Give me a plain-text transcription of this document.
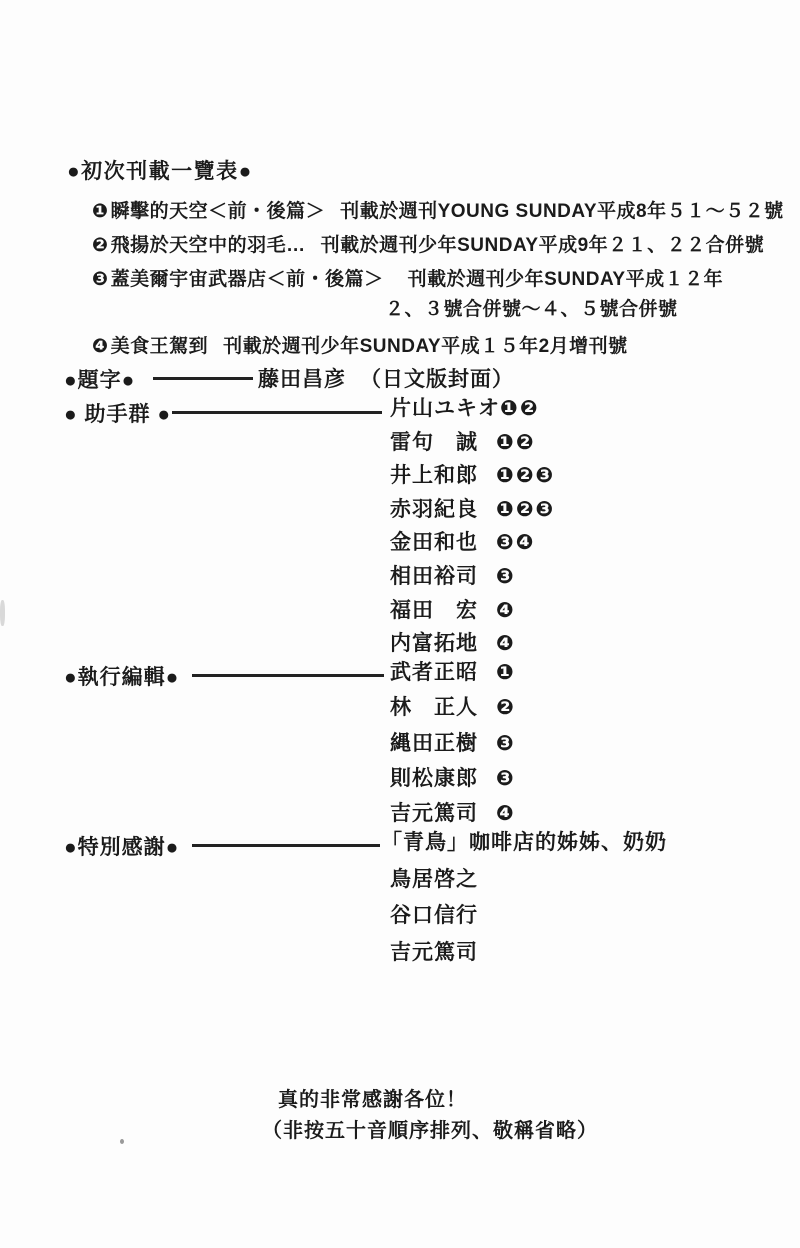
●初次刊載一覽表●
❶ 瞬擊的天空＜前・後篇＞ 刊載於週刊YOUNG SUNDAY平成8年５１～５２號
❷ 飛揚於天空中的羽毛… 刊載於週刊少年SUNDAY平成9年２１、２２合併號
❸ 蓋美爾宇宙武器店＜前・後篇＞ 刊載於週刊少年SUNDAY平成１２年
２、３號合併號～４、５號合併號
❹ 美食王駕到 刊載於週刊少年SUNDAY平成１５年2月增刊號
●題字●	藤田昌彦 （日文版封面）
● 助手群 ●	片山ユキオ❶❷
雷句　誠 ❶❷
井上和郎 ❶❷❸
赤羽紀良 ❶❷❸
金田和也 ❸❹
相田裕司 ❸
福田　宏 ❹
内富拓地 ❹
●執行編輯●	武者正昭 ❶
林　正人 ❷
縄田正樹 ❸
則松康郎 ❸
吉元篤司 ❹
●特別感謝●	「青鳥」咖啡店的姊姊、奶奶
鳥居啓之
谷口信行
吉元篤司
真的非常感謝各位！
（非按五十音順序排列、敬稱省略）
